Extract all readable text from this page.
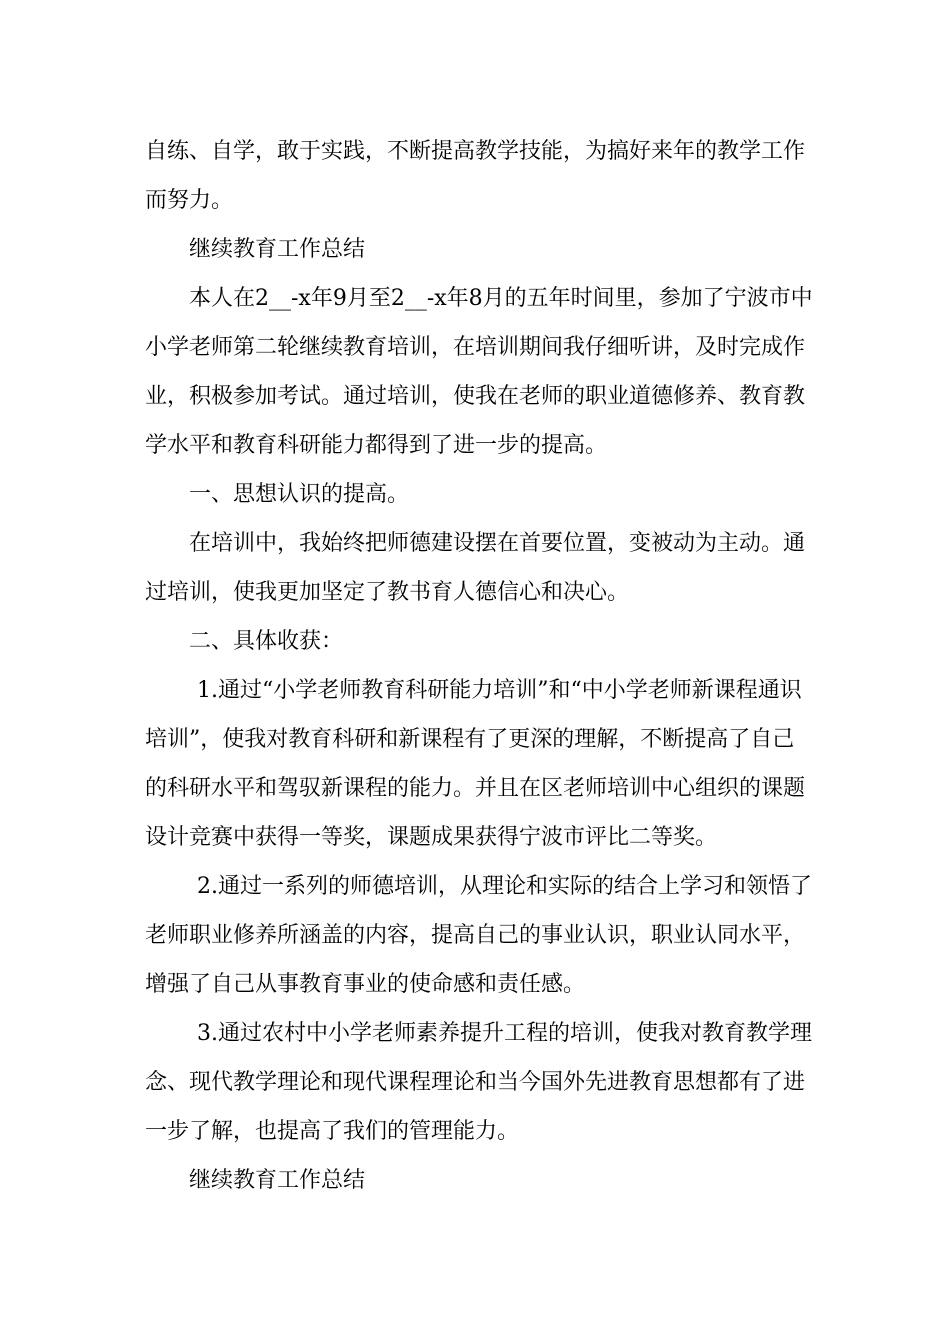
自练、自学，敢于实践，不断提高教学技能，为搞好来年的教学工作而努力。

继续教育工作总结

本人在2__-x年9月至2__-x年8月的五年时间里，参加了宁波市中小学老师第二轮继续教育培训，在培训期间我仔细听讲，及时完成作业，积极参加考试。通过培训，使我在老师的职业道德修养、教育教学水平和教育科研能力都得到了进一步的提高。

一、思想认识的提高。

在培训中，我始终把师德建设摆在首要位置，变被动为主动。通过培训，使我更加坚定了教书育人德信心和决心。

二、具体收获：

1.通过“小学老师教育科研能力培训”和“中小学老师新课程通识培训”，使我对教育科研和新课程有了更深的理解，不断提高了自己的科研水平和驾驭新课程的能力。并且在区老师培训中心组织的课题设计竞赛中获得一等奖，课题成果获得宁波市评比二等奖。

2.通过一系列的师德培训，从理论和实际的结合上学习和领悟了老师职业修养所涵盖的内容，提高自己的事业认识，职业认同水平，增强了自己从事教育事业的使命感和责任感。

3.通过农村中小学老师素养提升工程的培训，使我对教育教学理念、现代教学理论和现代课程理论和当今国外先进教育思想都有了进一步了解，也提高了我们的管理能力。

继续教育工作总结
